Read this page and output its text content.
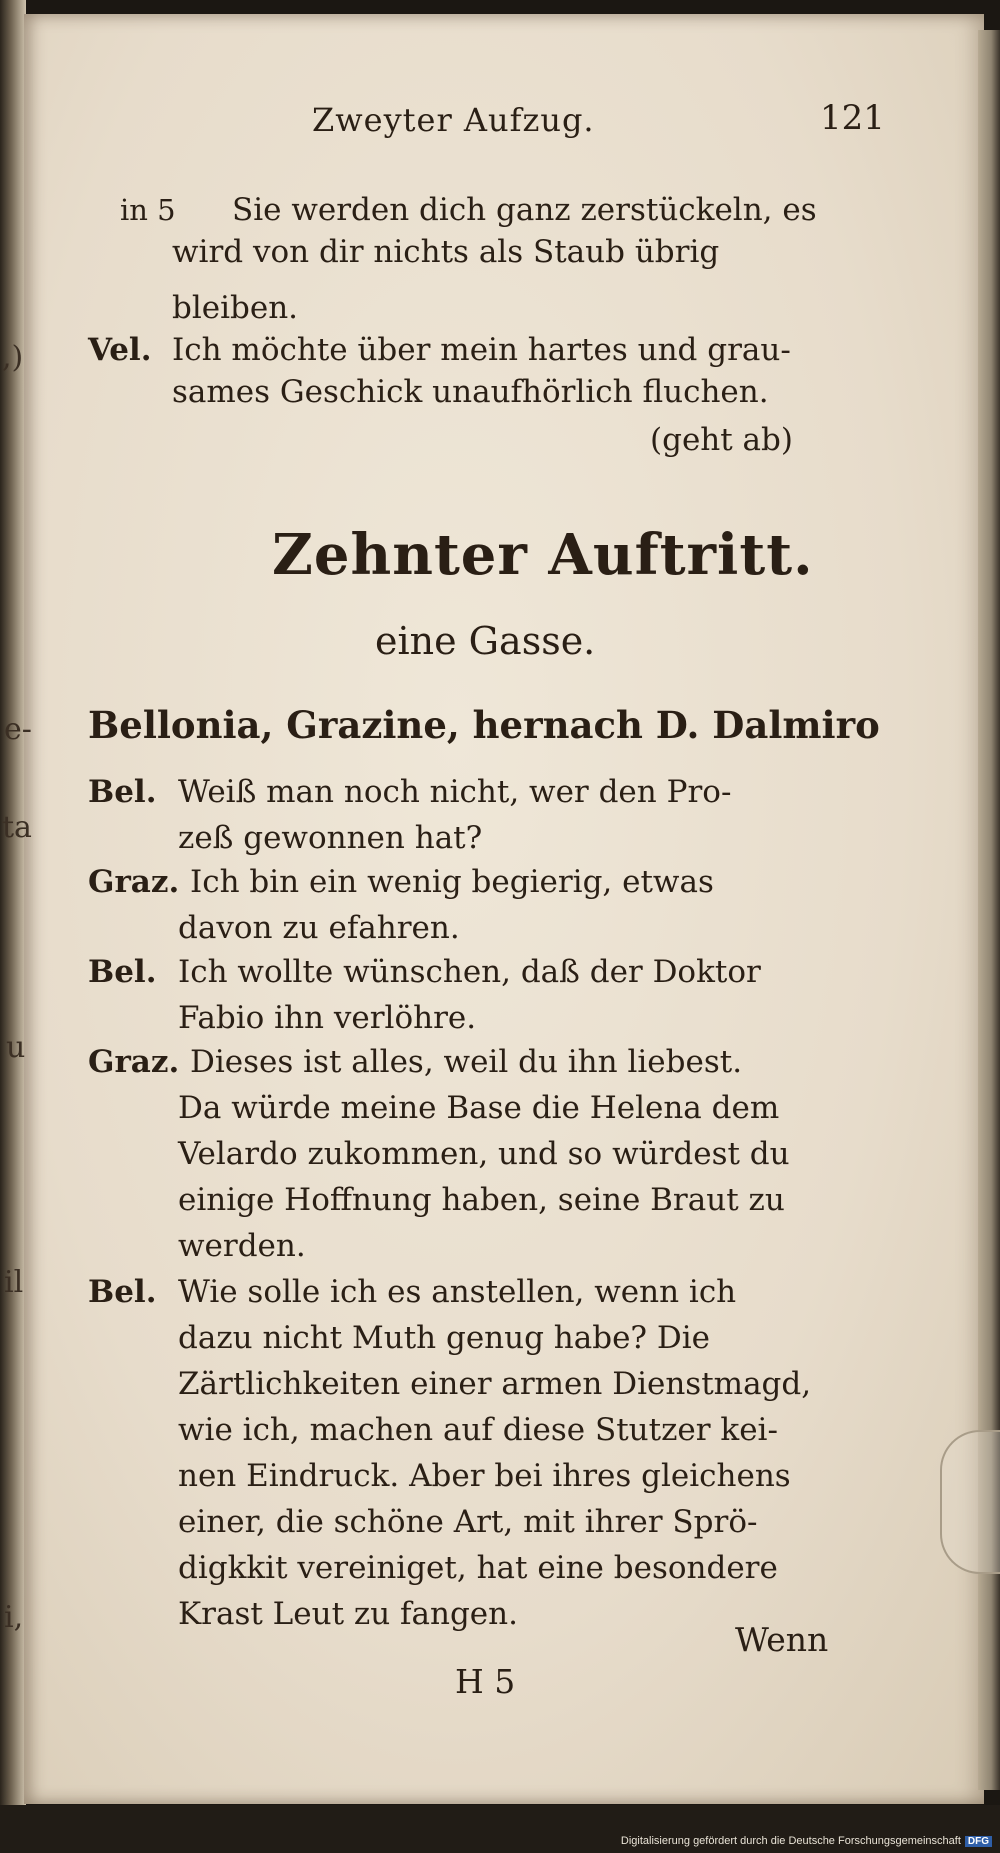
,)
e-
ta
u
il
i,
Zweyter Aufzug.	121
in 5 Sie werden dich ganz zerstückeln, es
wird von dir nichts als Staub übrig
bleiben.
Vel. Ich möchte über mein hartes und grau-
sames Geschick unaufhörlich fluchen.
(geht ab)
Zehnter Auftritt.
eine Gasse.
Bellonia, Grazine, hernach D. Dalmiro
Bel. Weiß man noch nicht, wer den Pro-
zeß gewonnen hat?
Graz. Ich bin ein wenig begierig, etwas
davon zu efahren.
Bel. Ich wollte wünschen, daß der Doktor
Fabio ihn verlöhre.
Graz. Dieses ist alles, weil du ihn liebest.
Da würde meine Base die Helena dem
Velardo zukommen, und so würdest du
einige Hoffnung haben, seine Braut zu
werden.
Bel. Wie solle ich es anstellen, wenn ich
dazu nicht Muth genug habe? Die
Zärtlichkeiten einer armen Dienstmagd,
wie ich, machen auf diese Stutzer kei-
nen Eindruck. Aber bei ihres gleichens
einer, die schöne Art, mit ihrer Sprö-
digkkit vereiniget, hat eine besondere
Krast Leut zu fangen.
H 5
Wenn
Digitalisierung gefördert durch die Deutsche Forschungsgemeinschaft DFG
